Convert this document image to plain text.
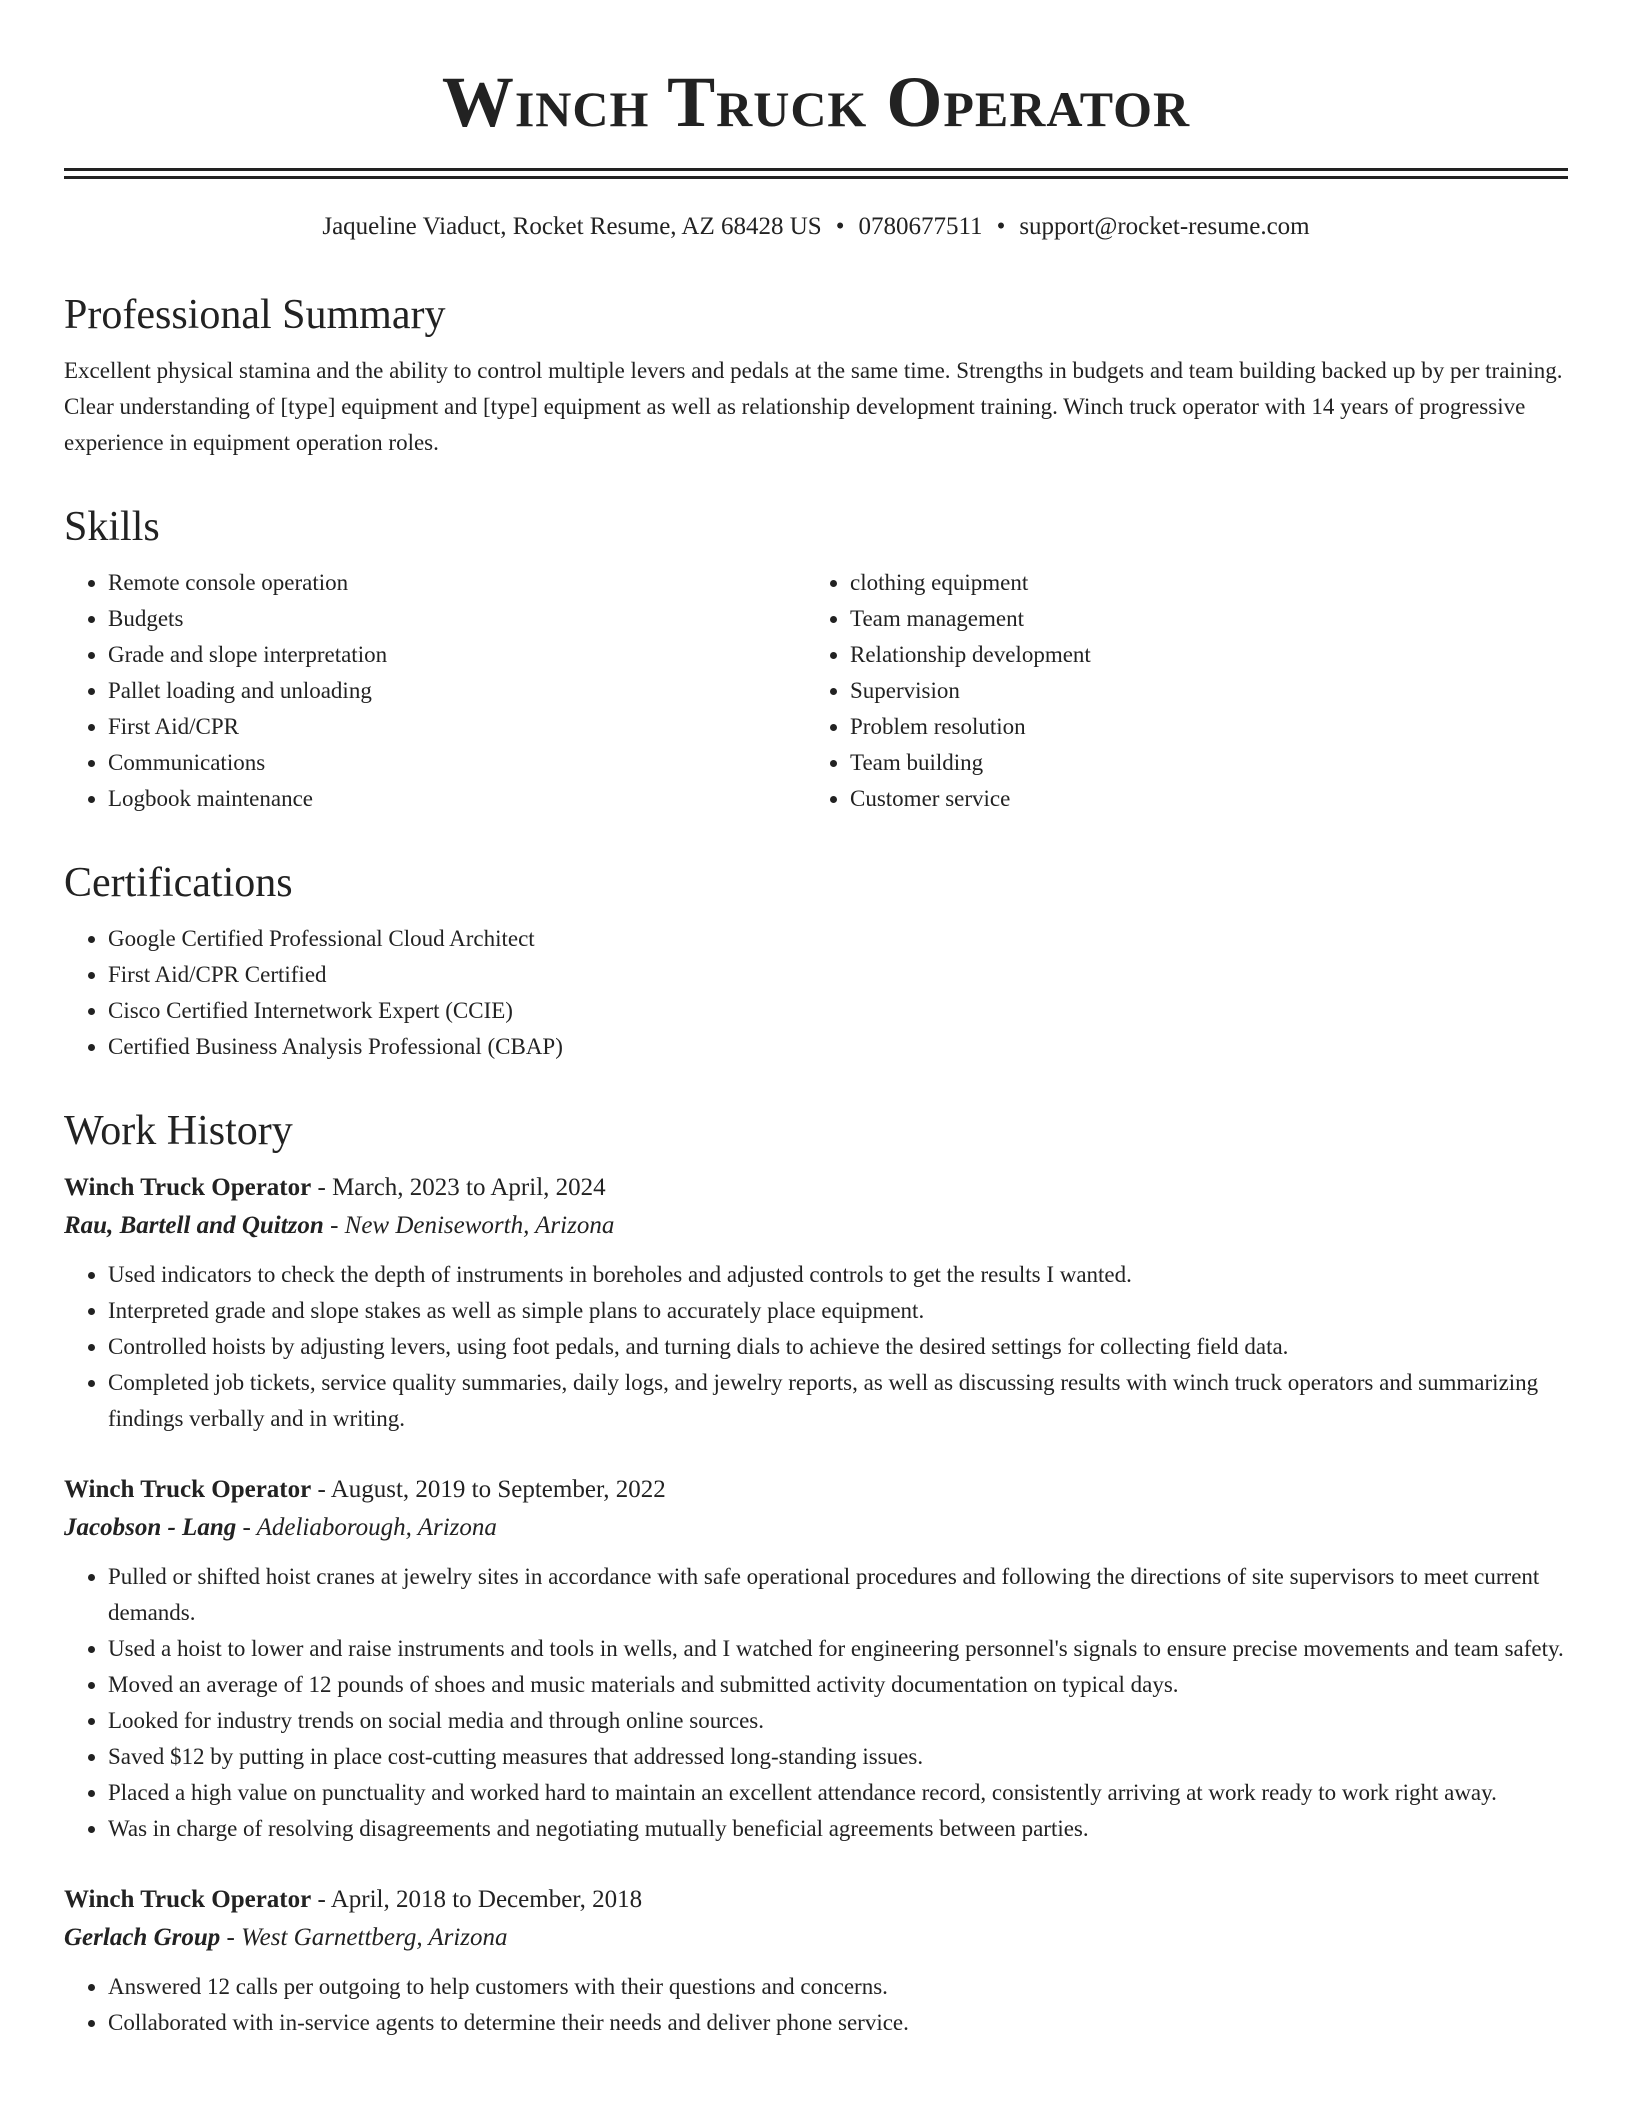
Winch Truck Operator
Jaqueline Viaduct, Rocket Resume, AZ 68428 US • 0780677511 • support@rocket-resume.com
Professional Summary

Excellent physical stamina and the ability to control multiple levers and pedals at the same time. Strengths in budgets and team building backed up by per training. Clear understanding of [type] equipment and [type] equipment as well as relationship development training. Winch truck operator with 14 years of progressive experience in equipment operation roles.

Skills
• Remote console operation
• Budgets
• Grade and slope interpretation
• Pallet loading and unloading
• First Aid/CPR
• Communications
• Logbook maintenance
• clothing equipment
• Team management
• Relationship development
• Supervision
• Problem resolution
• Team building
• Customer service
Certifications
• Google Certified Professional Cloud Architect
• First Aid/CPR Certified
• Cisco Certified Internetwork Expert (CCIE)
• Certified Business Analysis Professional (CBAP)
Work History
Winch Truck Operator - March, 2023 to April, 2024
Rau, Bartell and Quitzon - New Deniseworth, Arizona
• Used indicators to check the depth of instruments in boreholes and adjusted controls to get the results I wanted.
• Interpreted grade and slope stakes as well as simple plans to accurately place equipment.
• Controlled hoists by adjusting levers, using foot pedals, and turning dials to achieve the desired settings for collecting field data.
• Completed job tickets, service quality summaries, daily logs, and jewelry reports, as well as discussing results with winch truck operators and summarizing findings verbally and in writing.
Winch Truck Operator - August, 2019 to September, 2022
Jacobson - Lang - Adeliaborough, Arizona
• Pulled or shifted hoist cranes at jewelry sites in accordance with safe operational procedures and following the directions of site supervisors to meet current demands.
• Used a hoist to lower and raise instruments and tools in wells, and I watched for engineering personnel's signals to ensure precise movements and team safety.
• Moved an average of 12 pounds of shoes and music materials and submitted activity documentation on typical days.
• Looked for industry trends on social media and through online sources.
• Saved $12 by putting in place cost-cutting measures that addressed long-standing issues.
• Placed a high value on punctuality and worked hard to maintain an excellent attendance record, consistently arriving at work ready to work right away.
• Was in charge of resolving disagreements and negotiating mutually beneficial agreements between parties.
Winch Truck Operator - April, 2018 to December, 2018
Gerlach Group - West Garnettberg, Arizona
• Answered 12 calls per outgoing to help customers with their questions and concerns.
• Collaborated with in-service agents to determine their needs and deliver phone service.
